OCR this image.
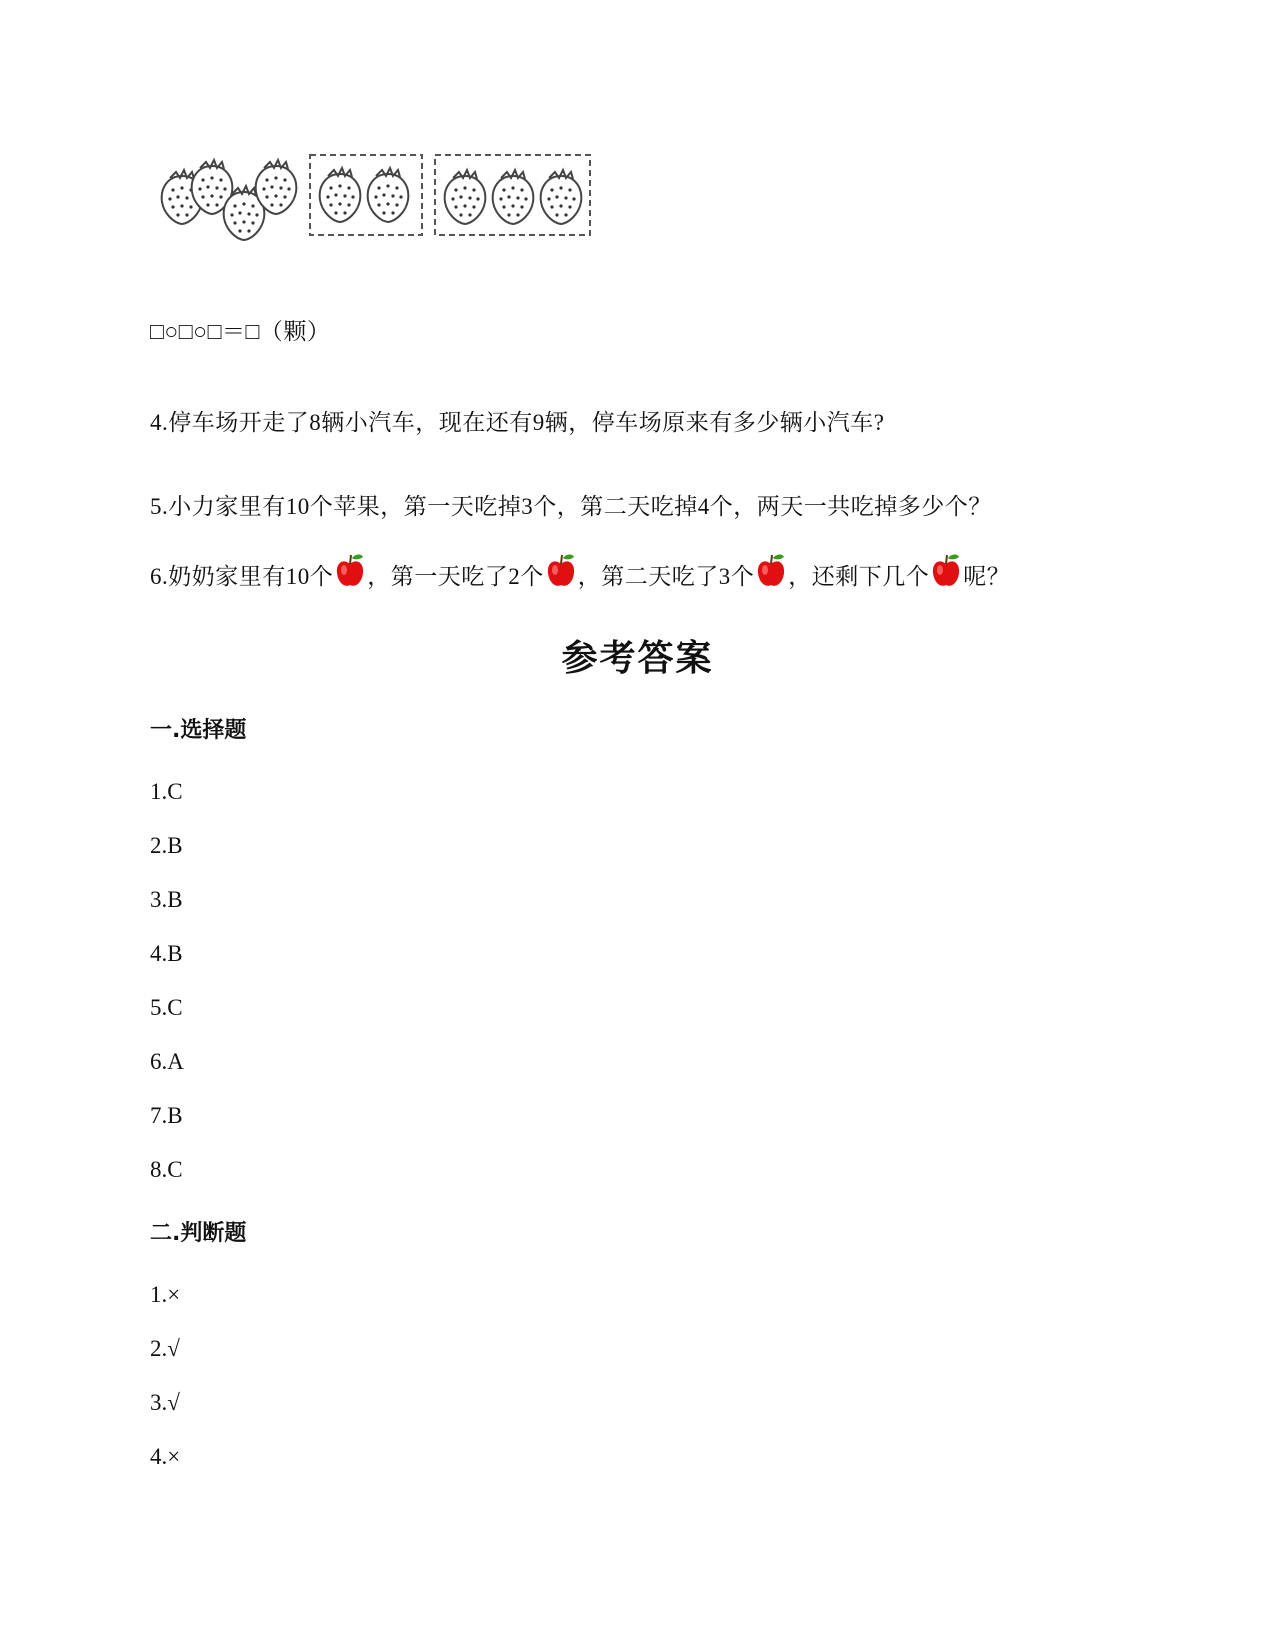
□○□○□＝□（颗）
4.停车场开走了8辆小汽车，现在还有9辆，停车场原来有多少辆小汽车?
5.小力家里有10个苹果，第一天吃掉3个，第二天吃掉4个，两天一共吃掉多少个？
6.奶奶家里有10个 ，第一天吃了2个 ，第二天吃了3个 ，还剩下几个 呢？
参考答案
一.选择题
1.C
2.B
3.B
4.B
5.C
6.A
7.B
8.C
二.判断题
1.×
2.√
3.√
4.×
